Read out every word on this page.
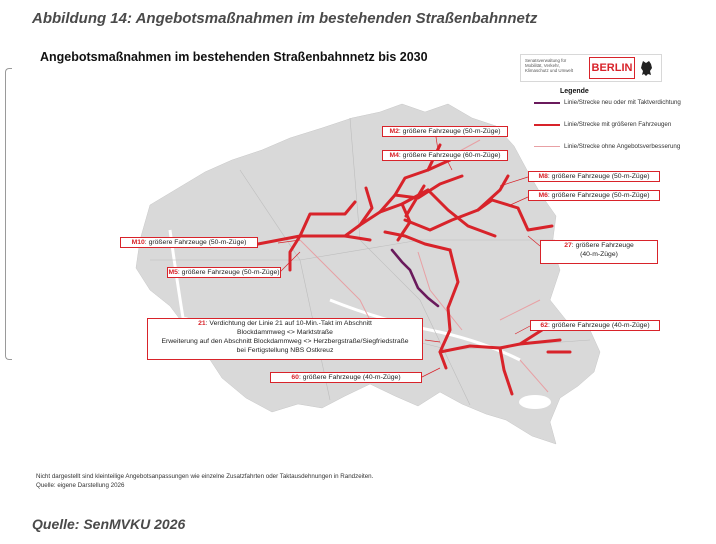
Abbildung 14: Angebotsmaßnahmen im bestehenden Straßenbahnnetz
Angebotsmaßnahmen im bestehenden Straßenbahnnetz bis 2030	Senatsverwaltung für Mobilität, Verkehr, Klimaschutz und Umwelt	BERLIN
Legende
Linie/Strecke neu oder mit Taktverdichtung
Linie/Strecke mit größeren Fahrzeugen
Linie/Strecke ohne Angebotsverbesserung
M2: größere Fahrzeuge (50-m-Züge)
M4: größere Fahrzeuge (60-m-Züge)
M8: größere Fahrzeuge (50-m-Züge)
M6: größere Fahrzeuge (50-m-Züge)
M10: größere Fahrzeuge (50-m-Züge)
M5: größere Fahrzeuge (50-m-Züge)
27: größere Fahrzeuge
(40-m-Züge)
62: größere Fahrzeuge (40-m-Züge)
21: Verdichtung der Linie 21 auf 10-Min.-Takt im Abschnitt
Blockdammweg <> Marktstraße
Erweiterung auf den Abschnitt Blockdammweg <> Herzbergstraße/Siegfriedstraße
bei Fertigstellung NBS Ostkreuz
60: größere Fahrzeuge (40-m-Züge)
Nicht dargestellt sind kleinteilige Angebotsanpassungen wie einzelne Zusatzfahrten oder Taktausdehnungen in Randzeiten.
Quelle: eigene Darstellung 2026
Quelle: SenMVKU 2026
